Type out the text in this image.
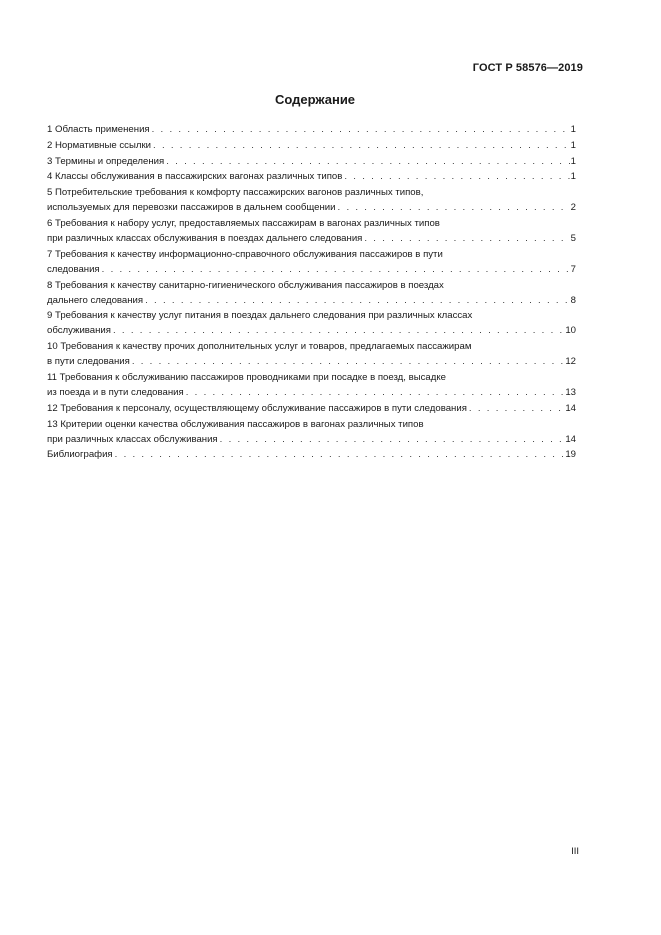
ГОСТ Р 58576—2019
Содержание
1 Область применения . . .	1
2 Нормативные ссылки . . .	1
3 Термины и определения . . .	1
4 Классы обслуживания в пассажирских вагонах различных типов . . .	1
5 Потребительские требования к комфорту пассажирских вагонов различных типов,
используемых для перевозки пассажиров в дальнем сообщении . . .	2
6 Требования к набору услуг, предоставляемых пассажирам в вагонах различных типов
при различных классах обслуживания в поездах дальнего следования . . .	5
7 Требования к качеству информационно-справочного обслуживания пассажиров в пути
следования . . .	7
8 Требования к качеству санитарно-гигиенического обслуживания пассажиров в поездах
дальнего следования . . .	8
9 Требования к качеству услуг питания в поездах дальнего следования при различных классах
обслуживания . . .	10
10 Требования к качеству прочих дополнительных услуг и товаров, предлагаемых пассажирам
в пути следования . . .	12
11 Требования к обслуживанию пассажиров проводниками при посадке в поезд, высадке
из поезда и в пути следования . . .	13
12 Требования к персоналу, осуществляющему обслуживание пассажиров в пути следования . . .	14
13 Критерии оценки качества обслуживания пассажиров в вагонах различных типов
при различных классах обслуживания . . .	14
Библиография . . .	19
III
